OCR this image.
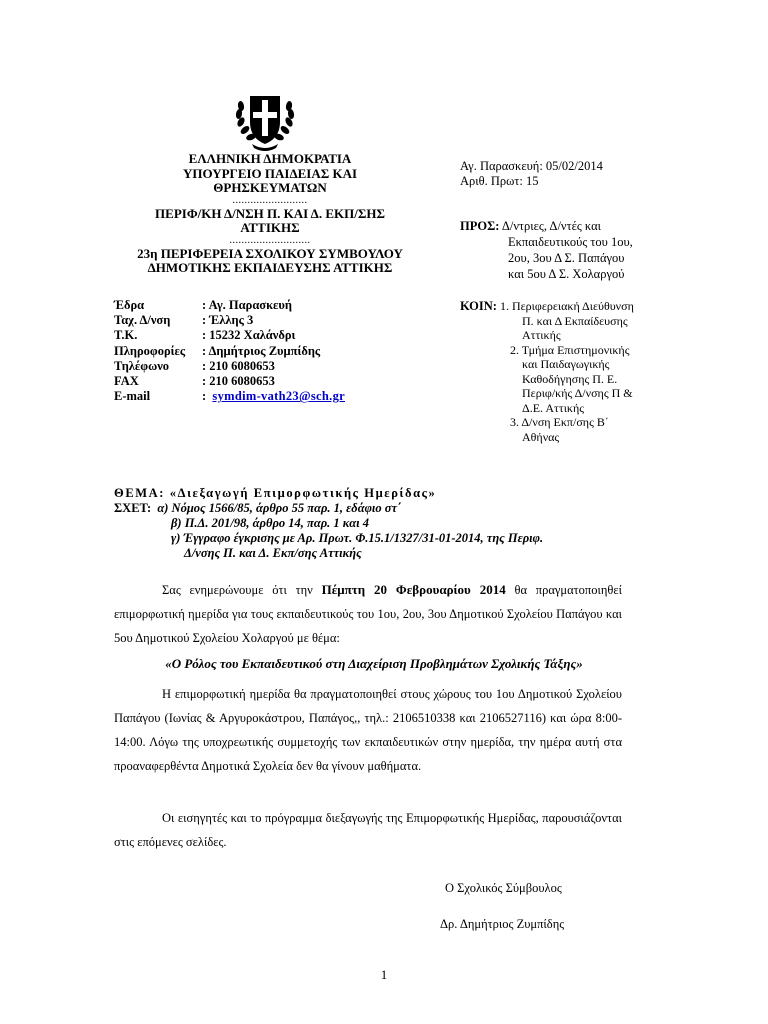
ΕΛΛΗΝΙΚΗ ΔΗΜΟΚΡΑΤΙΑ
ΥΠΟΥΡΓΕΙΟ ΠΑΙΔΕΙΑΣ ΚΑΙ
ΘΡΗΣΚΕΥΜΑΤΩΝ
.........................
ΠΕΡΙΦ/ΚΗ Δ/ΝΣΗ Π. ΚΑΙ Δ. ΕΚΠ/ΣΗΣ
ΑΤΤΙΚΗΣ
...........................
23η ΠΕΡΙΦΕΡΕΙΑ ΣΧΟΛΙΚΟΥ ΣΥΜΒΟΥΛΟΥ
ΔΗΜΟΤΙΚΗΣ ΕΚΠΑΙΔΕΥΣΗΣ ΑΤΤΙΚΗΣ
Αγ. Παρασκευή: 05/02/2014
Αριθ. Πρωτ: 15
ΠΡΟΣ: Δ/ντριες, Δ/ντές και
Εκπαιδευτικούς του 1ου,
2ου, 3ου Δ Σ. Παπάγου
και 5ου Δ Σ. Χολαργού
ΚΟΙΝ: 1. Περιφερειακή Διεύθυνση
Π. και Δ Εκπαίδευσης
Αττικής
2. Τμήμα Επιστημονικής
και Παιδαγωγικής
Καθοδήγησης Π. Ε.
Περιφ/κής Δ/νσης Π &
Δ.Ε. Αττικής
3. Δ/νση Εκπ/σης Β΄
Αθήνας
Έδρα	: Αγ. Παρασκευή
Ταχ. Δ/νση	: Έλλης 3
Τ.Κ.	: 15232 Χαλάνδρι
Πληροφορίες	: Δημήτριος Ζυμπίδης
Τηλέφωνο	: 210 6080653
FAX	: 210 6080653
E-mail	: symdim-vath23@sch.gr
ΘΕΜΑ: «Διεξαγωγή Επιμορφωτικής Ημερίδας»
ΣΧΕΤ: α) Νόμος 1566/85, άρθρο 55 παρ. 1, εδάφιο στ΄
β) Π.Δ. 201/98, άρθρο 14, παρ. 1 και 4
γ) Έγγραφο έγκρισης με Αρ. Πρωτ. Φ.15.1/1327/31-01-2014, της Περιφ.
Δ/νσης Π. και Δ. Εκπ/σης Αττικής
Σας ενημερώνουμε ότι την Πέμπτη 20 Φεβρουαρίου 2014 θα πραγματοποιηθεί επιμορφωτική ημερίδα για τους εκπαιδευτικούς του 1ου, 2ου, 3ου Δημοτικού Σχολείου Παπάγου και 5ου Δημοτικού Σχολείου Χολαργού με θέμα:
«Ο Ρόλος του Εκπαιδευτικού στη Διαχείριση Προβλημάτων Σχολικής Τάξης»
Η επιμορφωτική ημερίδα θα πραγματοποιηθεί στους χώρους του 1ου Δημοτικού Σχολείου Παπάγου (Ιωνίας & Αργυροκάστρου, Παπάγος,, τηλ.: 2106510338 και 2106527116) και ώρα 8:00-14:00. Λόγω της υποχρεωτικής συμμετοχής των εκπαιδευτικών στην ημερίδα, την ημέρα αυτή στα προαναφερθέντα Δημοτικά Σχολεία δεν θα γίνουν μαθήματα.
Οι εισηγητές και το πρόγραμμα διεξαγωγής της Επιμορφωτικής Ημερίδας, παρουσιάζονται στις επόμενες σελίδες.
Ο Σχολικός Σύμβουλος
Δρ. Δημήτριος Ζυμπίδης
1
